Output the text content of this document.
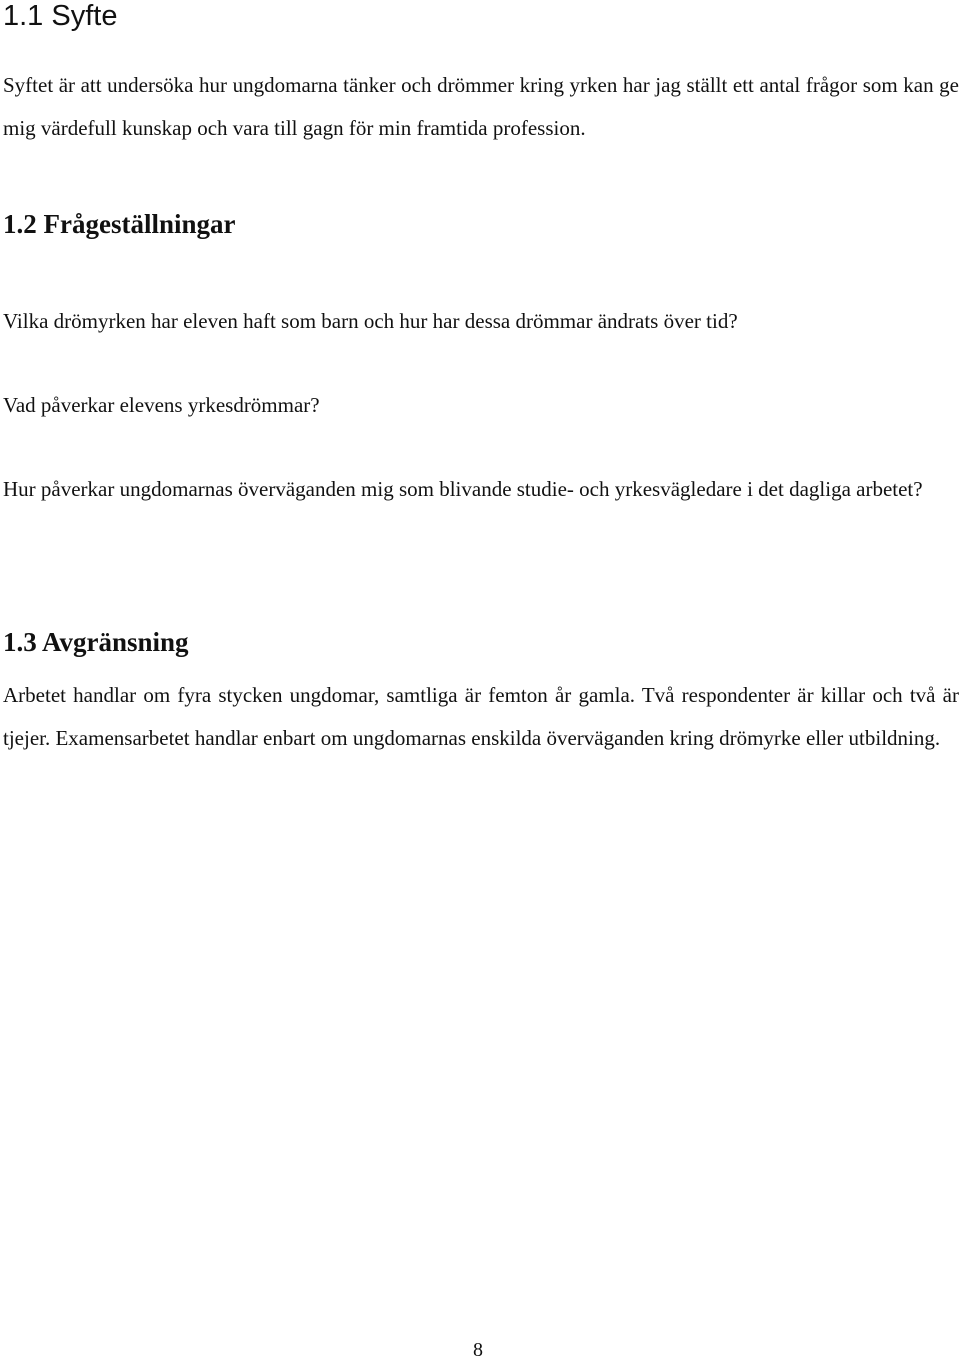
1.1 Syfte

Syftet är att undersöka hur ungdomarna tänker och drömmer kring yrken har jag ställt ett antal frågor som kan ge mig värdefull kunskap och vara till gagn för min framtida profession.

1.2 Frågeställningar

Vilka drömyrken har eleven haft som barn och hur har dessa drömmar ändrats över tid?

Vad påverkar elevens yrkesdrömmar?

Hur påverkar ungdomarnas överväganden mig som blivande studie- och yrkesvägledare i det dagliga arbetet?

1.3 Avgränsning

Arbetet handlar om fyra stycken ungdomar, samtliga är femton år gamla. Två respondenter är killar och två är tjejer. Examensarbetet handlar enbart om ungdomarnas enskilda överväganden kring drömyrke eller utbildning.

8
